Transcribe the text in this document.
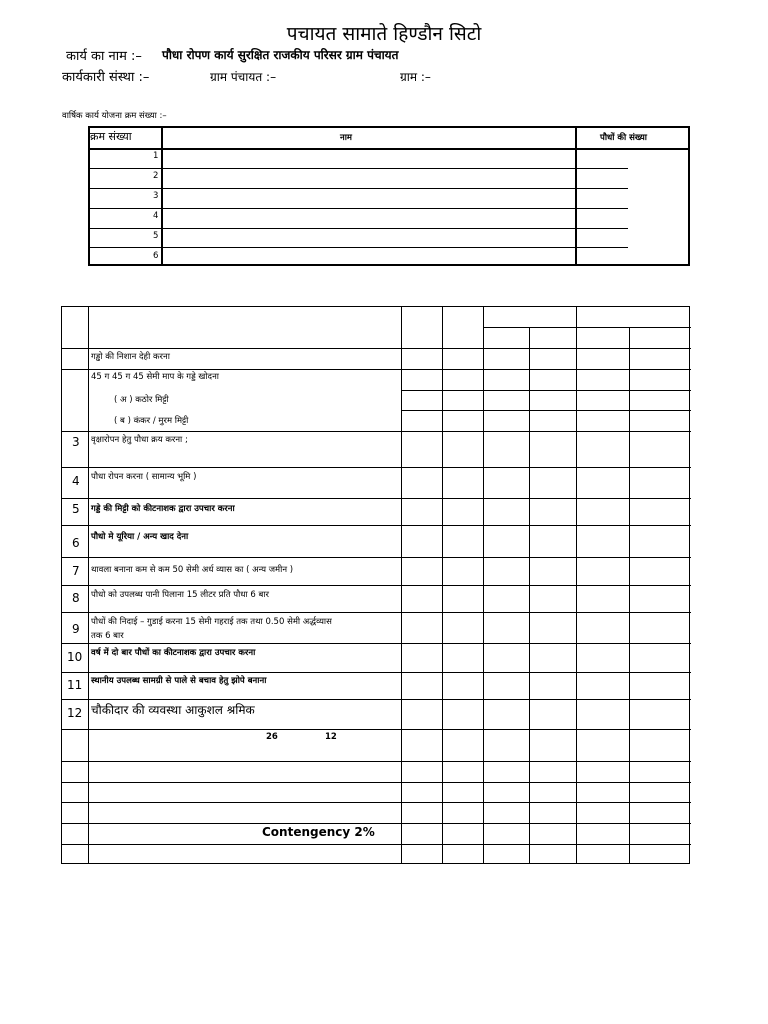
पचायत सामाते हिण्डौन सिटो
कार्य का नाम :– पौधा रोपण कार्य सुरक्षित राजकीय परिसर ग्राम पंचायत
कार्यकारी संस्था :–	ग्राम पंचायत :–	ग्राम :–
वार्षिक कार्य योजना क्रम संख्या :–
क्रम संख्या	नाम	पौधों की संख्या
1
2
3
4
5
6
गड्ढो की निशान देही करना
45 ग 45 ग 45 सेमी माप के गड्डे खोदना
( अ ) कठोर मिट्टी
( ब ) कंकर / मुरम मिट्टी
3 वृक्षारोपन हेतु पौधा क्रय करना ;
4 पौधा रोपन करना ( सामान्य भूमि )
5 गड्डे की मिट्टी को कीटनाशक द्वारा उपचार करना
6 पौधो मे यूरिया / अन्य खाद देना
7 थावला बनाना कम से कम 50 सेमी अर्ध व्यास का ( अन्य जमीन )
8 पौधो को उपलब्ध पानी पिलाना 15 लीटर प्रति पौधा 6 बार
9 पौधों की निदाई – गुडाई करना 15 सेमी गहराई तक तथा 0.50 सेमी अर्द्धव्यास
तक 6 बार
10 वर्ष में दो बार पौधों का कीटनाशक द्वारा उपचार करना
11 स्थानीय उपलब्ध सामग्री से पाले से बचाव हेतु झोपे बनाना
12 चौकीदार की व्यवस्था आकुशल श्रमिक
26	12
Contengency 2%
